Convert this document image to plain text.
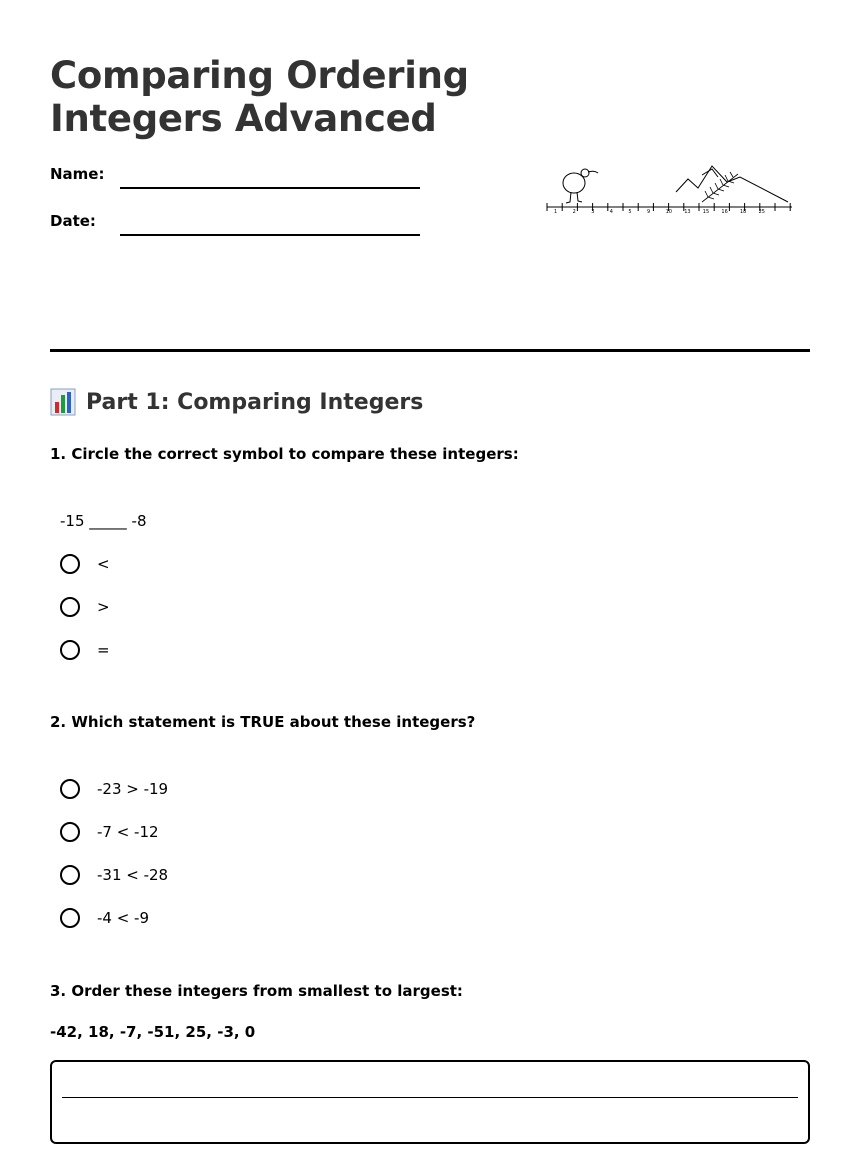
Comparing Ordering
Integers Advanced
Name:
Date:	1	2	3	4	5	9	10 13 15 16 18 25
Part 1: Comparing Integers

1. Circle the correct symbol to compare these integers:

-15 _____ -8
<
>
=

2. Which statement is TRUE about these integers?

-23 > -19
-7 < -12
-31 < -28
-4 < -9

3. Order these integers from smallest to largest:

-42, 18, -7, -51, 25, -3, 0
